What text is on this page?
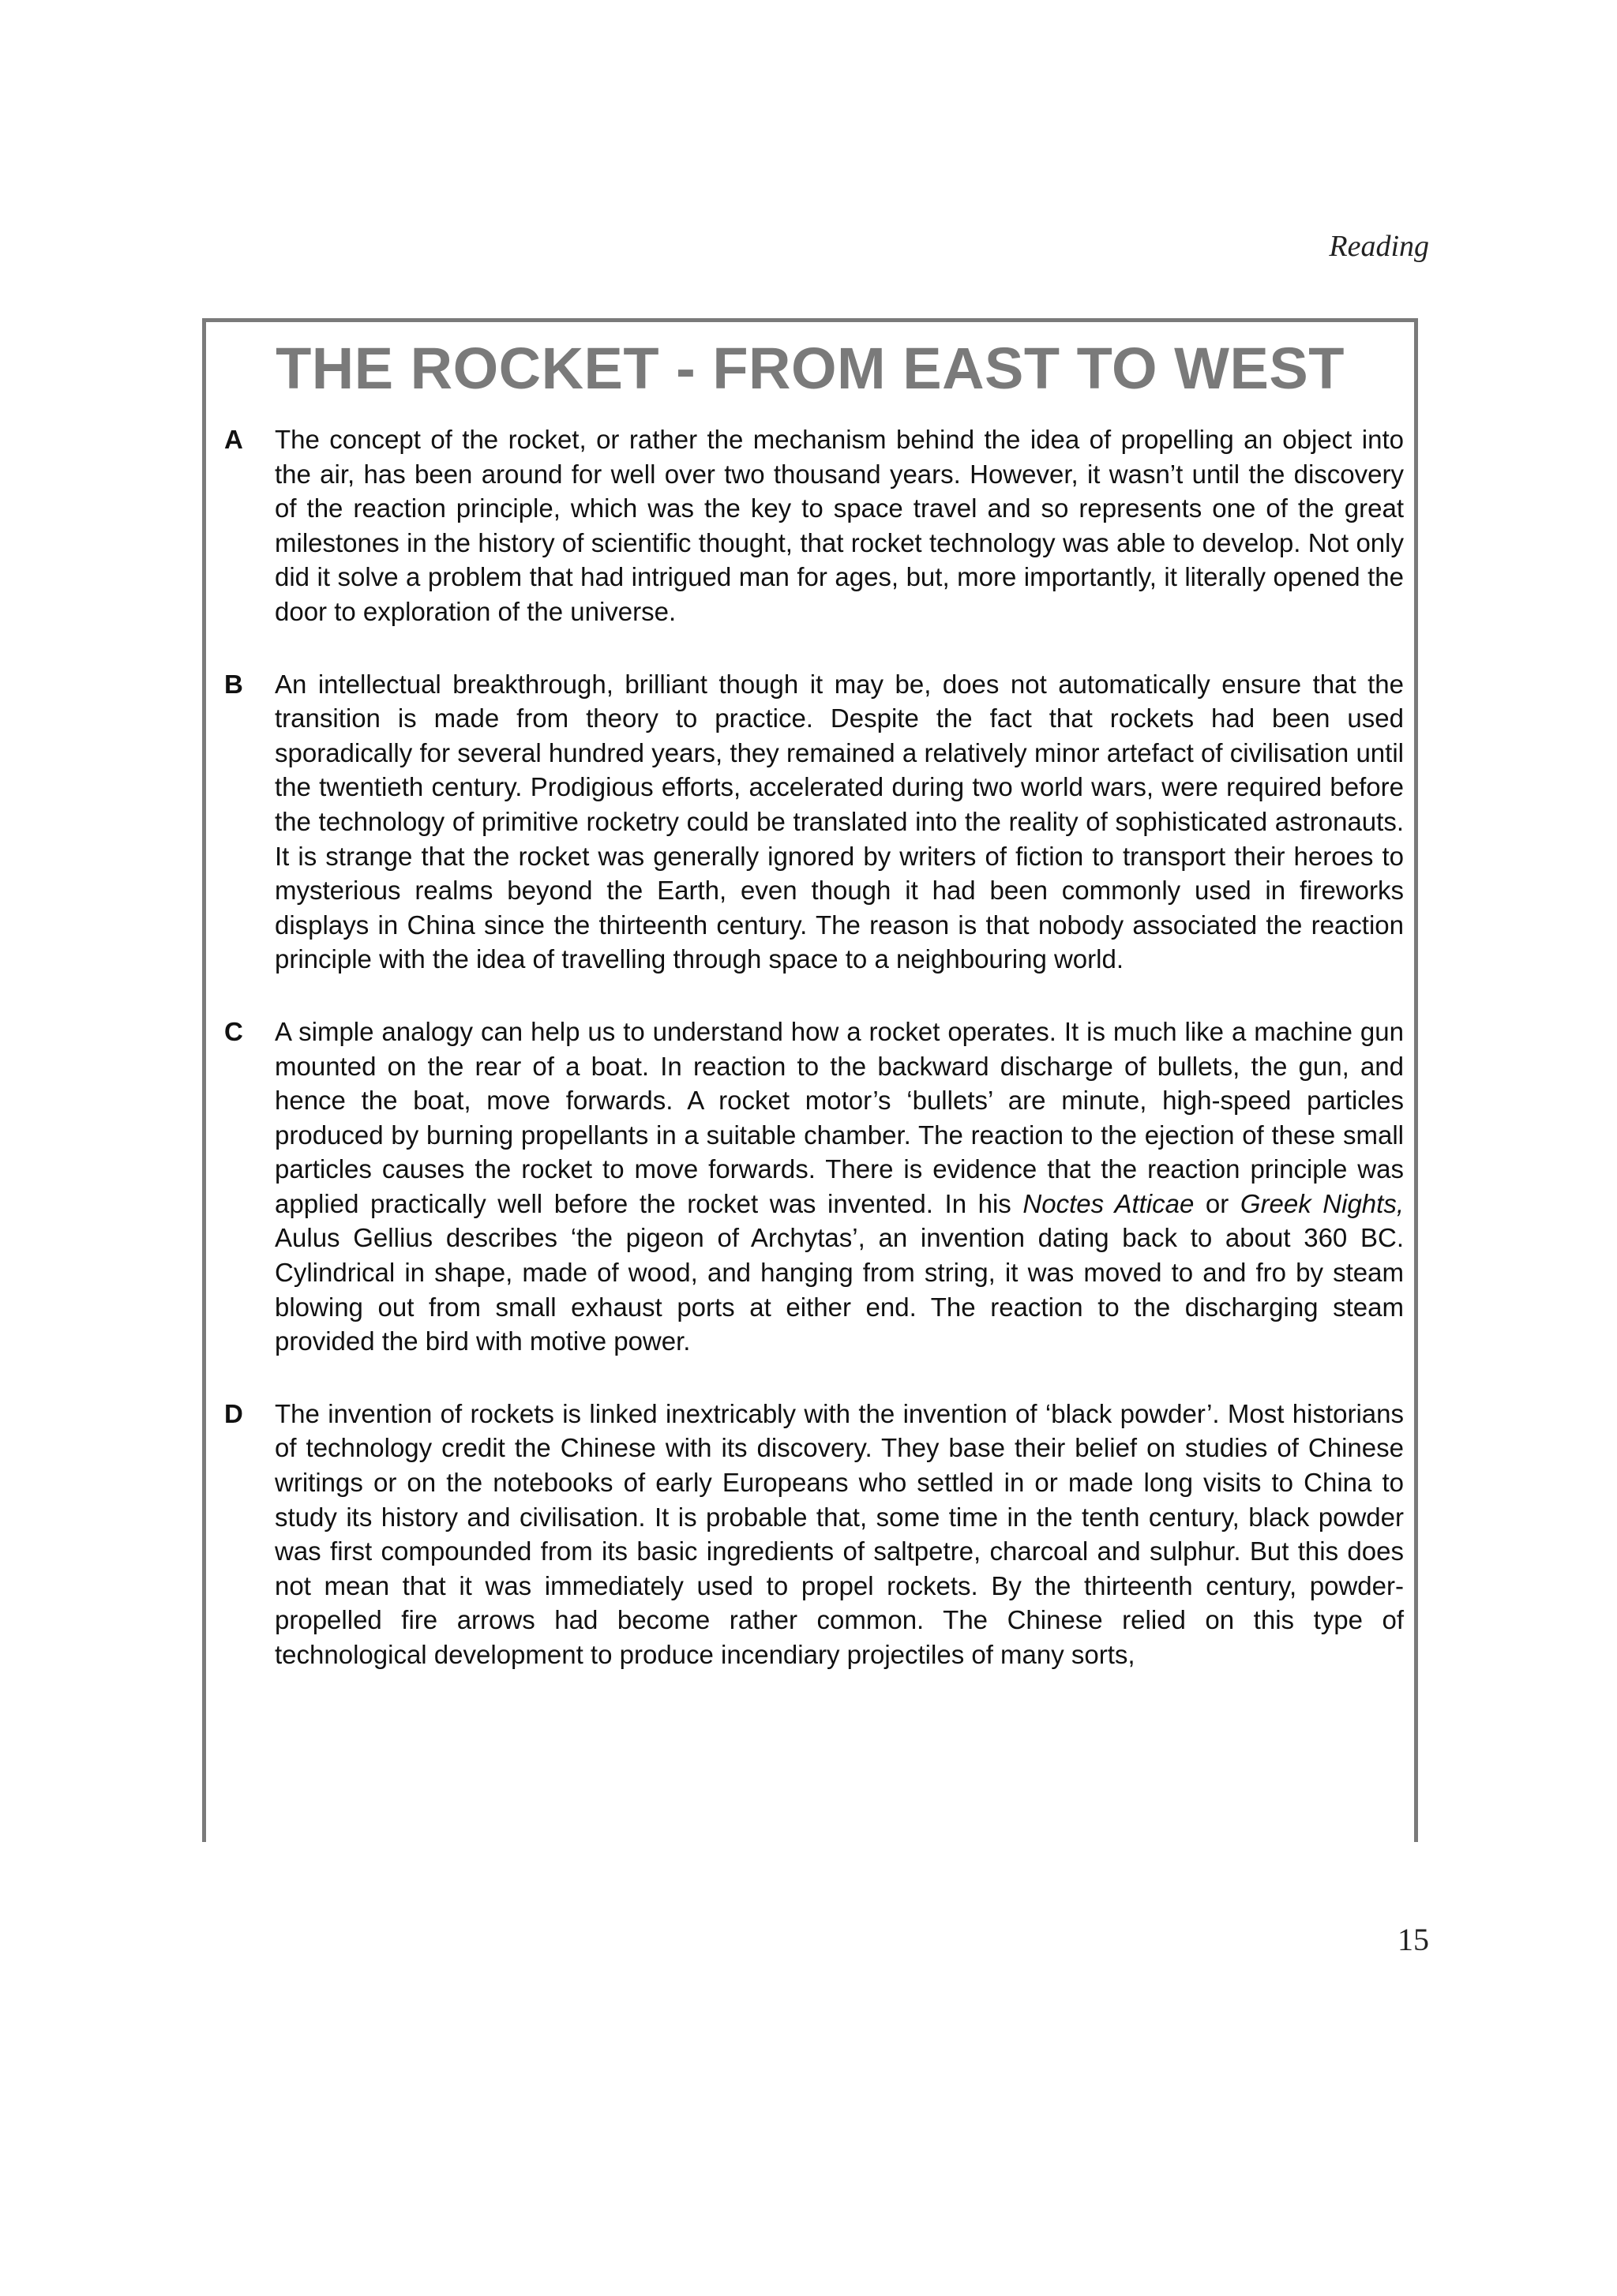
Reading
THE ROCKET - FROM EAST TO WEST
A The concept of the rocket, or rather the mechanism behind the idea of propelling an object into the air, has been around for well over two thousand years. However, it wasn’t until the discovery of the reaction principle, which was the key to space travel and so represents one of the great milestones in the history of scientific thought, that rocket technology was able to develop. Not only did it solve a problem that had intrigued man for ages, but, more importantly, it literally opened the door to exploration of the universe.
B An intellectual breakthrough, brilliant though it may be, does not automatically ensure that the transition is made from theory to practice. Despite the fact that rockets had been used sporadically for several hundred years, they remained a relatively minor artefact of civilisation until the twentieth century. Prodigious efforts, accelerated during two world wars, were required before the technology of primitive rocketry could be translated into the reality of sophisticated astronauts. It is strange that the rocket was generally ignored by writers of fiction to transport their heroes to mysterious realms beyond the Earth, even though it had been commonly used in fireworks displays in China since the thirteenth century. The reason is that nobody associated the reaction principle with the idea of travelling through space to a neighbouring world.
C A simple analogy can help us to understand how a rocket operates. It is much like a machine gun mounted on the rear of a boat. In reaction to the backward discharge of bullets, the gun, and hence the boat, move forwards. A rocket motor’s ‘bullets’ are minute, high-speed particles produced by burning propellants in a suitable chamber. The reaction to the ejection of these small particles causes the rocket to move forwards. There is evidence that the reaction principle was applied practically well before the rocket was invented. In his Noctes Atticae or Greek Nights, Aulus Gellius describes ‘the pigeon of Archytas’, an invention dating back to about 360 BC. Cylindrical in shape, made of wood, and hanging from string, it was moved to and fro by steam blowing out from small exhaust ports at either end. The reaction to the discharging steam provided the bird with motive power.
D The invention of rockets is linked inextricably with the invention of ‘black powder’. Most historians of technology credit the Chinese with its discovery. They base their belief on studies of Chinese writings or on the notebooks of early Europeans who settled in or made long visits to China to study its history and civilisation. It is probable that, some time in the tenth century, black powder was first compounded from its basic ingredients of saltpetre, charcoal and sulphur. But this does not mean that it was immediately used to propel rockets. By the thirteenth century, powder-propelled fire arrows had become rather common. The Chinese relied on this type of technological development to produce incendiary projectiles of many sorts,
15
